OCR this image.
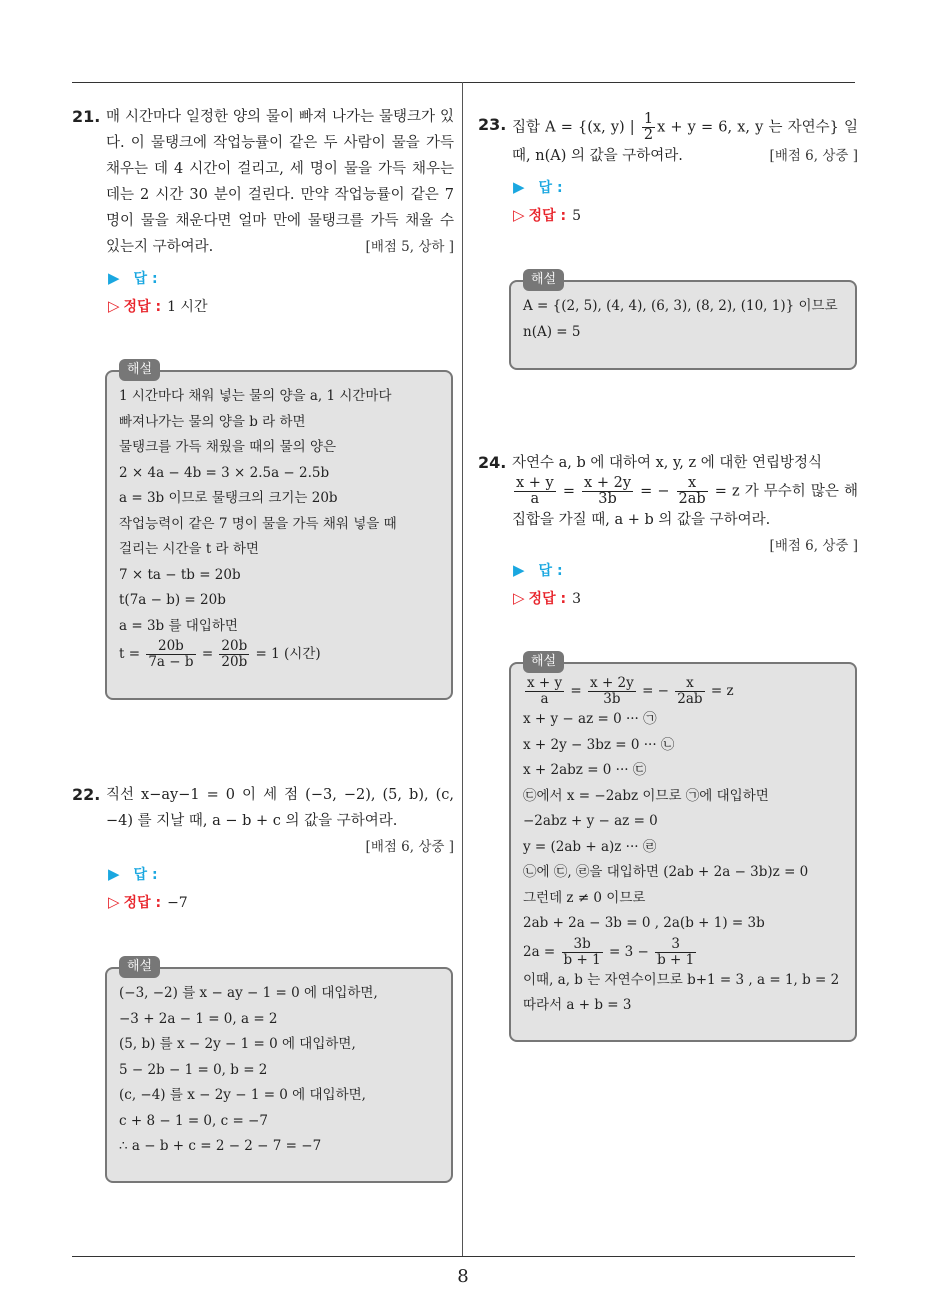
8
21. 매 시간마다 일정한 양의 물이 빠져 나가는 물탱크가 있다. 이 물탱크에 작업능률이 같은 두 사람이 물을 가득 채우는 데 4 시간이 걸리고, 세 명이 물을 가득 채우는 데는 2 시간 30 분이 걸린다. 만약 작업능률이 같은 7 명이 물을 채운다면 얼마 만에 물탱크를 가득 채울 수 있는지 구하여라.	[배점 5, 상하 ]
▶ 답 :
▷ 정답 : 1 시간
1 시간마다 채워 넣는 물의 양을 a, 1 시간마다
빠져나가는 물의 양을 b 라 하면
물탱크를 가득 채웠을 때의 물의 양은
2 × 4a − 4b = 3 × 2.5a − 2.5b
a = 3b 이므로 물탱크의 크기는 20b
작업능력이 같은 7 명이 물을 가득 채워 넣을 때
걸리는 시간을 t 라 하면
7 × ta − tb = 20b
t(7a − b) = 20b
a = 3b 를 대입하면
$t = \frac{20b}{7a - b} = \frac{20b}{20b} = 1$ (시간)
해설
22. 직선 x−ay−1 = 0 이 세 점 (−3, −2), (5, b), (c, −4) 를 지날 때, a − b + c 의 값을 구하여라.
[배점 6, 상중 ]
▶ 답 :
▷ 정답 : −7
(−3, −2) 를 x − ay − 1 = 0 에 대입하면,
−3 + 2a − 1 = 0, a = 2
(5, b) 를 x − 2y − 1 = 0 에 대입하면,
5 − 2b − 1 = 0, b = 2
(c, −4) 를 x − 2y − 1 = 0 에 대입하면,
c + 8 − 1 = 0, c = −7
∴ a − b + c = 2 − 2 − 7 = −7
해설
23. 집합 A = {(x, y) | $\frac{1}{2}$ x + y = 6, x, y 는 자연수} 일 때, n(A) 의 값을 구하여라.	[배점 6, 상중 ]
▶ 답 :
▷ 정답 : 5
A = {(2, 5), (4, 4), (6, 3), (8, 2), (10, 1)} 이므로
n(A) = 5
해설
24. 자연수 a, b 에 대하여 x, y, z 에 대한 연립방정식
$\frac{x + y}{a} = \frac{x + 2y}{3b}$ = − $\frac{x}{2ab} = z$ 가 무수히 많은 해 집합을 가질 때, a + b 의 값을 구하여라.
[배점 6, 상중 ]
▶ 답 :
▷ 정답 : 3
$\frac{x + y}{a} = \frac{x + 2y}{3b}$ = − $\frac{x}{2ab} = z$
x + y − az = 0 ··· ㉠
x + 2y − 3bz = 0 ··· ㉡
x + 2abz = 0 ··· ㉢
㉢에서 x = −2abz 이므로 ㉠에 대입하면
−2abz + y − az = 0
y = (2ab + a)z ··· ㉣
㉡에 ㉢, ㉣을 대입하면 (2ab + 2a − 3b)z = 0
그런데 z ≠ 0 이므로
2ab + 2a − 3b = 0 , 2a(b + 1) = 3b
$2a = \frac{3b}{b + 1} = 3 - \frac{3}{b + 1}$
이때, a, b 는 자연수이므로 b+1 = 3 , a = 1, b = 2
따라서 a + b = 3
해설
